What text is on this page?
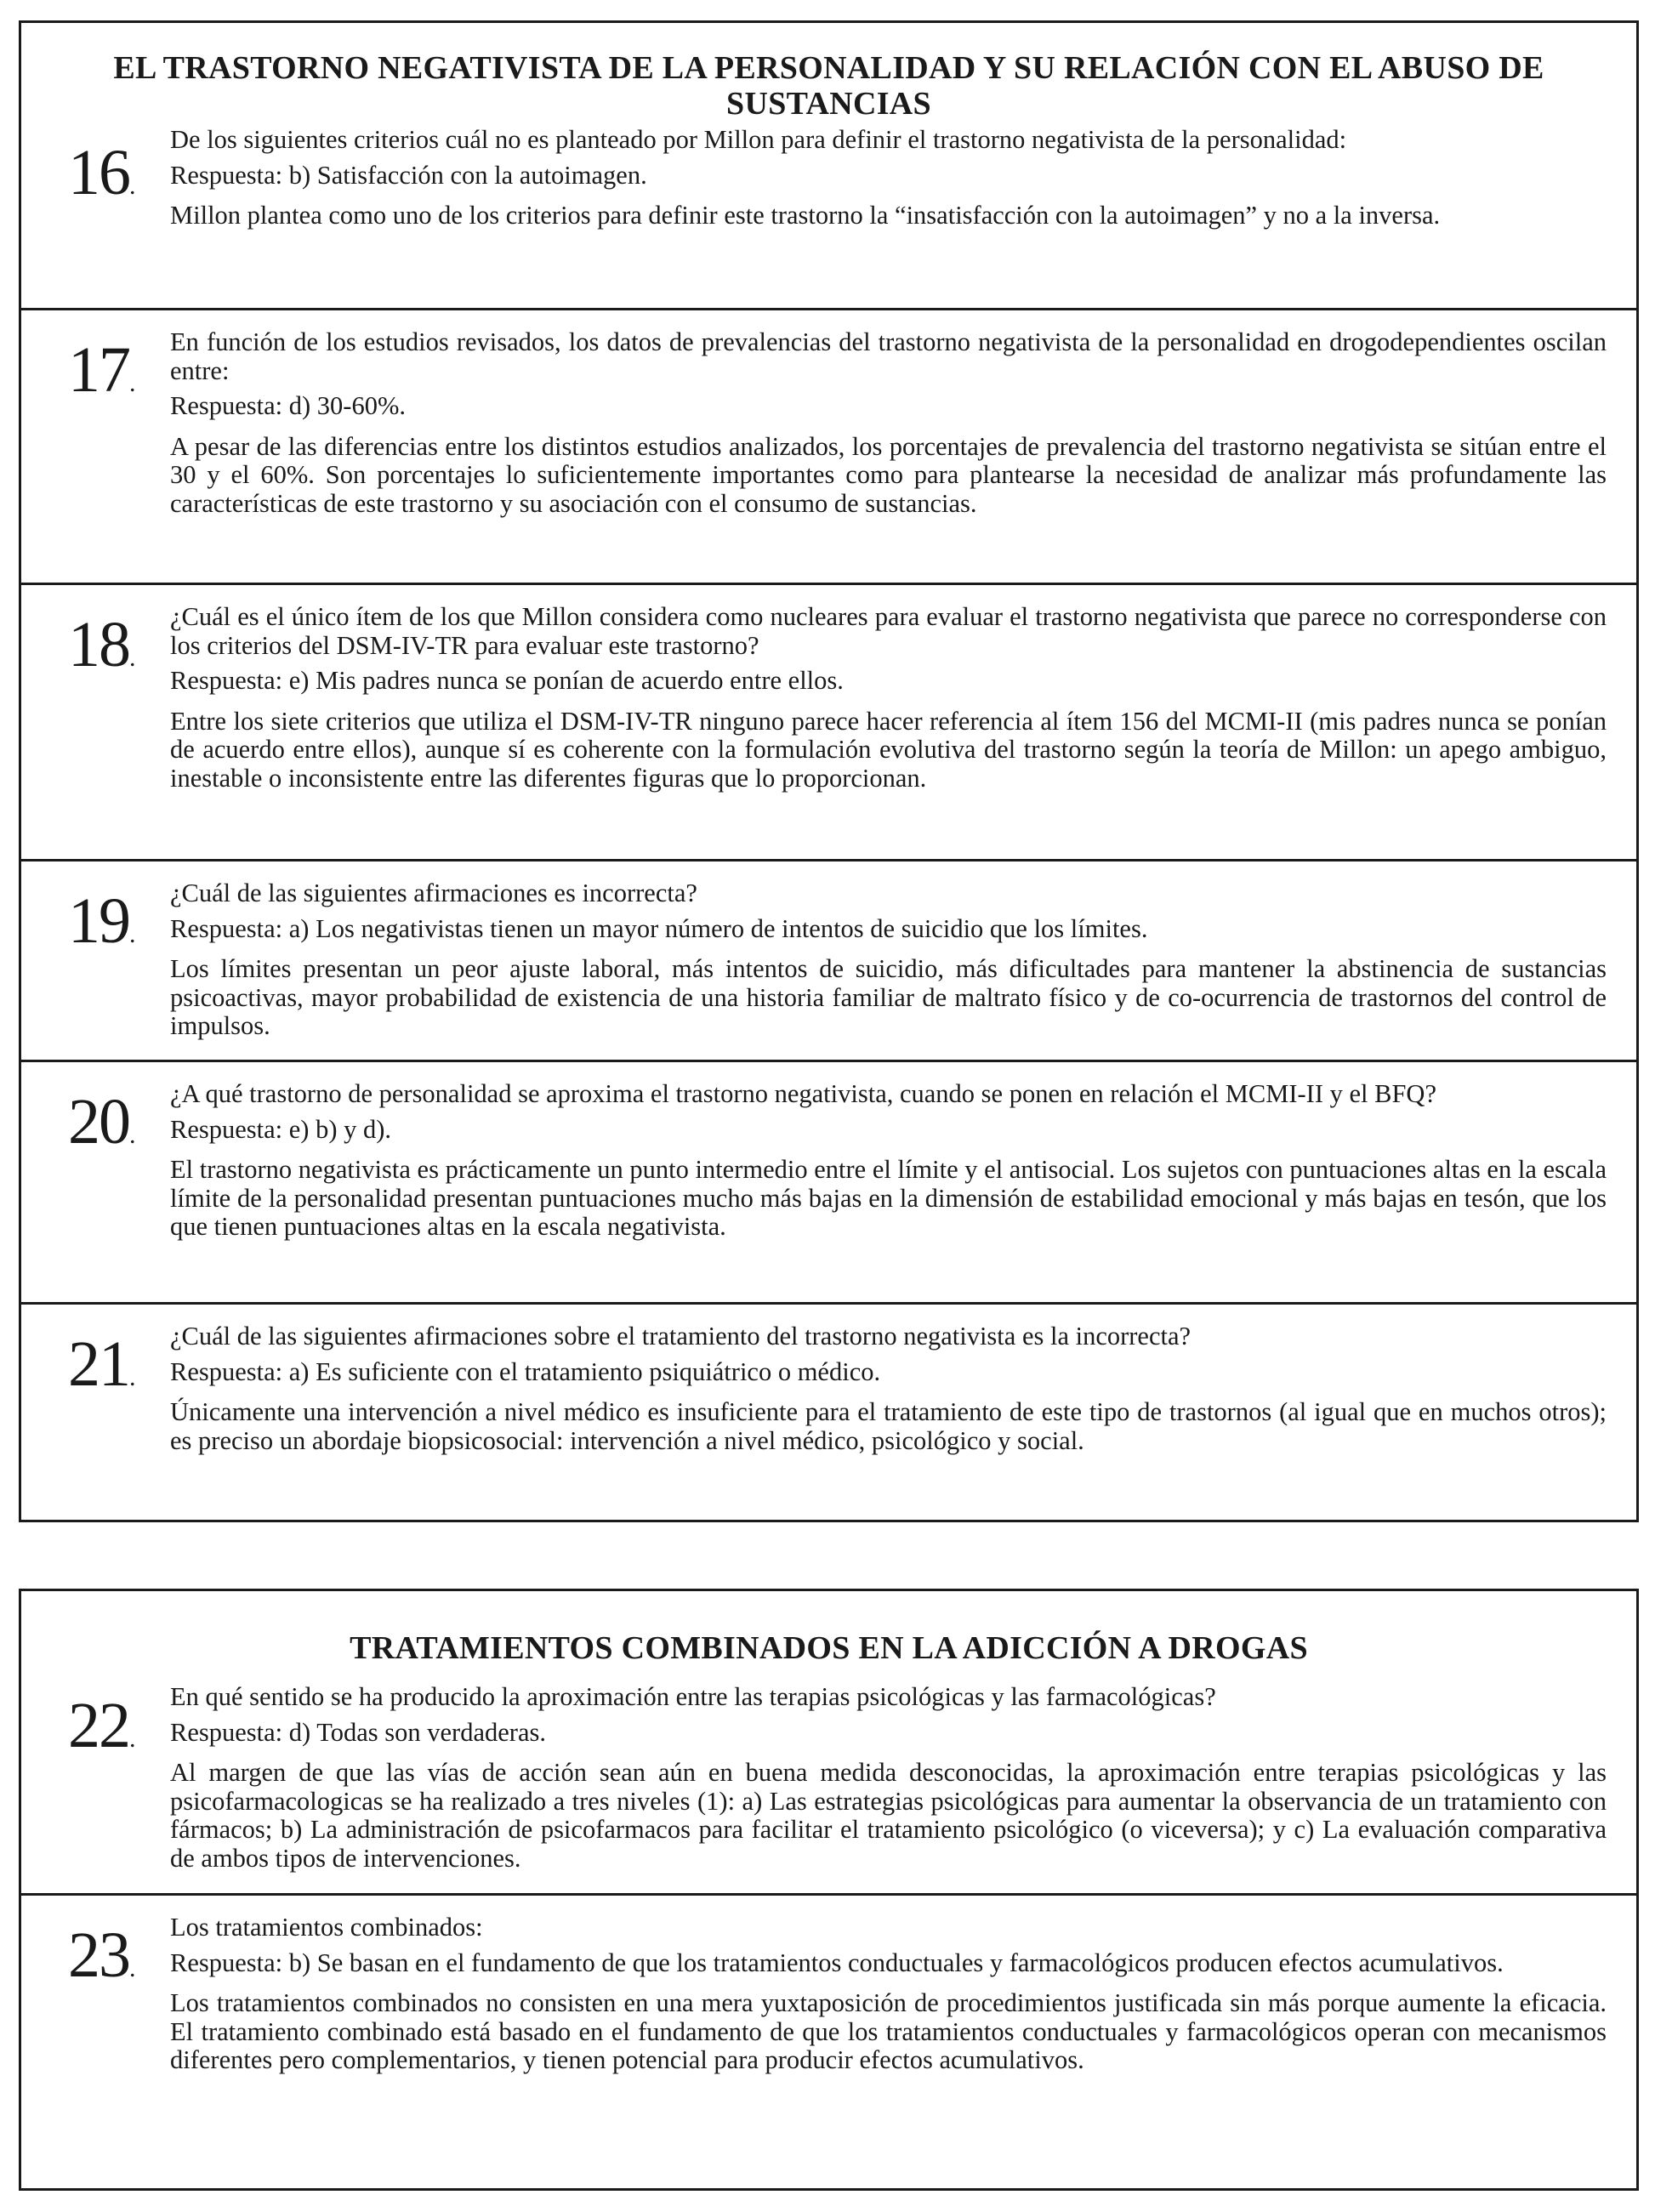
EL TRASTORNO NEGATIVISTA DE LA PERSONALIDAD Y SU RELACIÓN CON EL ABUSO DE SUSTANCIAS
16.

De los siguientes criterios cuál no es planteado por Millon para definir el trastorno negativista de la personalidad:

Respuesta: b) Satisfacción con la autoimagen.

Millon plantea como uno de los criterios para definir este trastorno la “insatisfacción con la autoimagen” y no a la inversa.

17.

En función de los estudios revisados, los datos de prevalencias del trastorno negativista de la personalidad en drogodependientes oscilan entre:

Respuesta: d) 30-60%.

A pesar de las diferencias entre los distintos estudios analizados, los porcentajes de prevalencia del trastorno negativista se sitúan entre el 30 y el 60%. Son porcentajes lo suficientemente importantes como para plantearse la necesidad de analizar más profundamente las características de este trastorno y su asociación con el consumo de sustancias.

18.

¿Cuál es el único ítem de los que Millon considera como nucleares para evaluar el trastorno negativista que parece no corresponderse con los criterios del DSM-IV-TR para evaluar este trastorno?

Respuesta: e) Mis padres nunca se ponían de acuerdo entre ellos.

Entre los siete criterios que utiliza el DSM-IV-TR ninguno parece hacer referencia al ítem 156 del MCMI-II (mis padres nunca se ponían de acuerdo entre ellos), aunque sí es coherente con la formulación evolutiva del trastorno según la teoría de Millon: un apego ambiguo, inestable o inconsistente entre las diferentes figuras que lo proporcionan.

19.

¿Cuál de las siguientes afirmaciones es incorrecta?

Respuesta: a) Los negativistas tienen un mayor número de intentos de suicidio que los límites.

Los límites presentan un peor ajuste laboral, más intentos de suicidio, más dificultades para mantener la abstinencia de sustancias psicoactivas, mayor probabilidad de existencia de una historia familiar de maltrato físico y de co-ocurrencia de trastornos del control de impulsos.

20.

¿A qué trastorno de personalidad se aproxima el trastorno negativista, cuando se ponen en relación el MCMI-II y el BFQ?

Respuesta: e) b) y d).

El trastorno negativista es prácticamente un punto intermedio entre el límite y el antisocial. Los sujetos con puntuaciones altas en la escala límite de la personalidad presentan puntuaciones mucho más bajas en la dimensión de estabilidad emocional y más bajas en tesón, que los que tienen puntuaciones altas en la escala negativista.

21.

¿Cuál de las siguientes afirmaciones sobre el tratamiento del trastorno negativista es la incorrecta?

Respuesta: a) Es suficiente con el tratamiento psiquiátrico o médico.

Únicamente una intervención a nivel médico es insuficiente para el tratamiento de este tipo de trastornos (al igual que en muchos otros); es preciso un abordaje biopsicosocial: intervención a nivel médico, psicológico y social.

TRATAMIENTOS COMBINADOS EN LA ADICCIÓN A DROGAS
22.

En qué sentido se ha producido la aproximación entre las terapias psicológicas y las farmacológicas?

Respuesta: d) Todas son verdaderas.

Al margen de que las vías de acción sean aún en buena medida desconocidas, la aproximación entre terapias psicológicas y las psicofarmacologicas se ha realizado a tres niveles (1): a) Las estrategias psicológicas para aumentar la observancia de un tratamiento con fármacos; b) La administración de psicofarmacos para facilitar el tratamiento psicológico (o viceversa); y c) La evaluación comparativa de ambos tipos de intervenciones.

23.

Los tratamientos combinados:

Respuesta: b) Se basan en el fundamento de que los tratamientos conductuales y farmacológicos producen efectos acumulativos.

Los tratamientos combinados no consisten en una mera yuxtaposición de procedimientos justificada sin más porque aumente la eficacia. El tratamiento combinado está basado en el fundamento de que los tratamientos conductuales y farmacológicos operan con mecanismos diferentes pero complementarios, y tienen potencial para producir efectos acumulativos.
